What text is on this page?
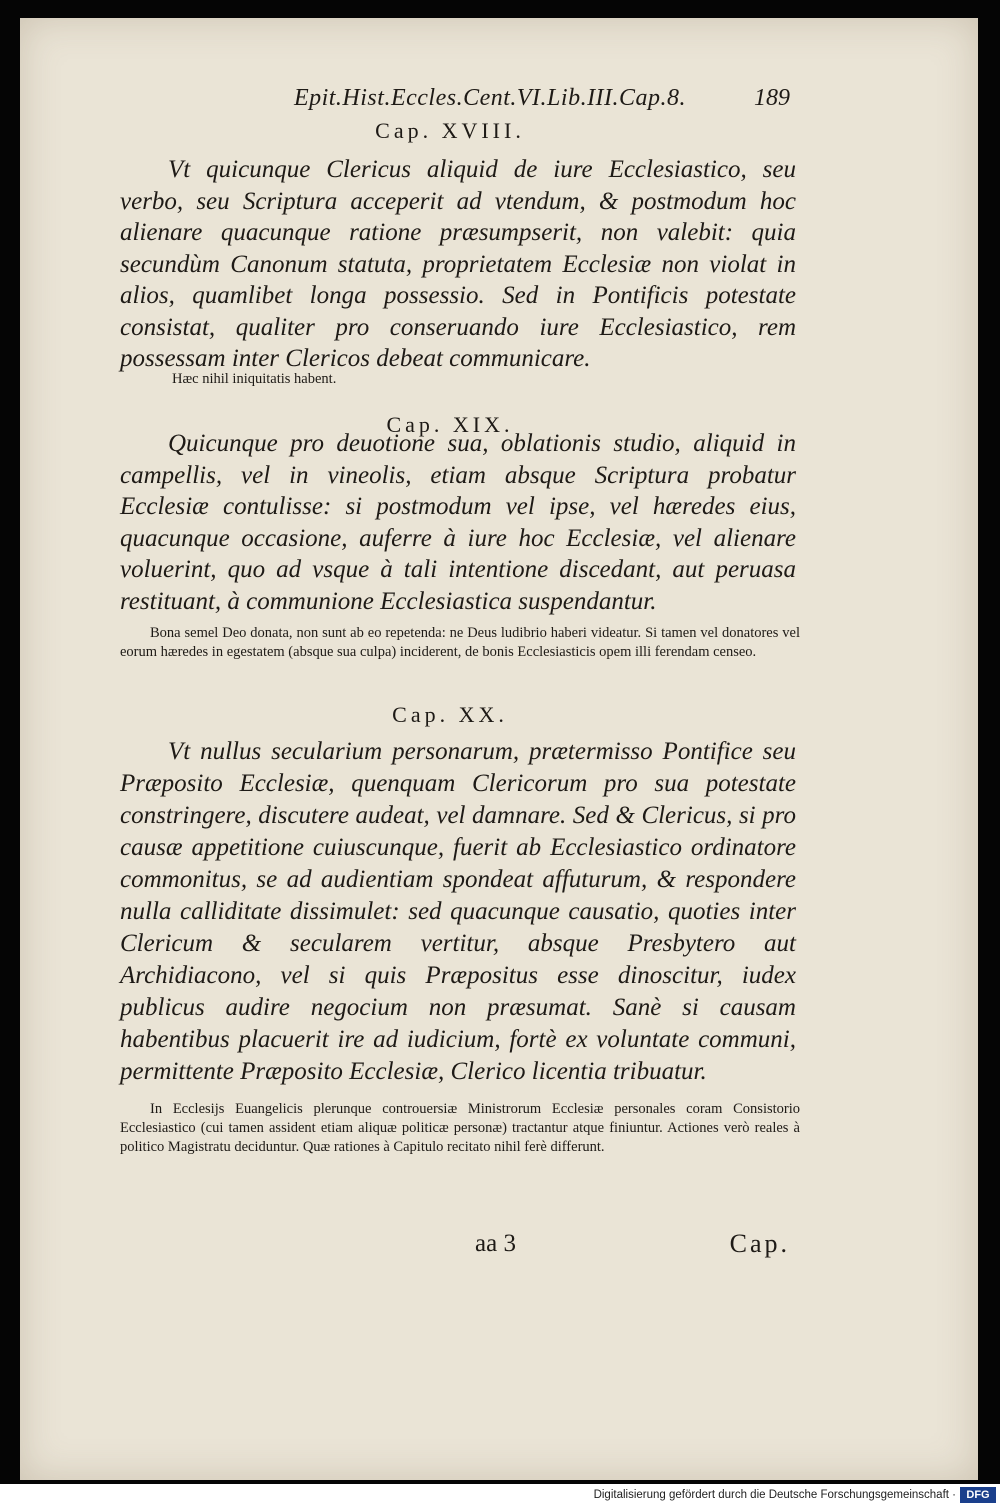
Epit.Hist.Eccles.Cent.VI.Lib.III.Cap.8.	189
Cap. XVIII.

Vt quicunque Clericus aliquid de iure Ecclesiastico, seu verbo, seu Scriptura acceperit ad vtendum, & postmodum hoc alienare quacunque ratione præsumpserit, non valebit: quia secundùm Canonum statuta, proprietatem Ecclesiæ non violat in alios, quamlibet longa possessio. Sed in Pontificis potestate consistat, qualiter pro conseruando iure Ecclesiastico, rem possessam inter Clericos debeat communicare.

Hæc nihil iniquitatis habent.

Cap. XIX.

Quicunque pro deuotione sua, oblationis studio, aliquid in campellis, vel in vineolis, etiam absque Scriptura probatur Ecclesiæ contulisse: si postmodum vel ipse, vel hæredes eius, quacunque occasione, auferre à iure hoc Ecclesiæ, vel alienare voluerint, quo ad vsque à tali intentione discedant, aut peruasa restituant, à communione Ecclesiastica suspendantur.

Bona semel Deo donata, non sunt ab eo repetenda: ne Deus ludibrio haberi videatur. Si tamen vel donatores vel eorum hæredes in egestatem (absque sua culpa) inciderent, de bonis Ecclesiasticis opem illi ferendam censeo.

Cap. XX.

Vt nullus secularium personarum, prætermisso Pontifice seu Præposito Ecclesiæ, quenquam Clericorum pro sua potestate constringere, discutere audeat, vel damnare. Sed & Clericus, si pro causæ appetitione cuiuscunque, fuerit ab Ecclesiastico ordinatore commonitus, se ad audientiam spondeat affuturum, & respondere nulla calliditate dissimulet: sed quacunque causatio, quoties inter Clericum & secularem vertitur, absque Presbytero aut Archidiacono, vel si quis Præpositus esse dinoscitur, iudex publicus audire negocium non præsumat. Sanè si causam habentibus placuerit ire ad iudicium, fortè ex voluntate communi, permittente Præposito Ecclesiæ, Clerico licentia tribuatur.

In Ecclesijs Euangelicis plerunque controuersiæ Ministrorum Ecclesiæ personales coram Consistorio Ecclesiastico (cui tamen assident etiam aliquæ politicæ personæ) tractantur atque finiuntur. Actiones verò reales à politico Magistratu deciduntur. Quæ rationes à Capitulo recitato nihil ferè differunt.

aa 3	Cap.
Digitalisierung gefördert durch die Deutsche Forschungsgemeinschaft · DFG
